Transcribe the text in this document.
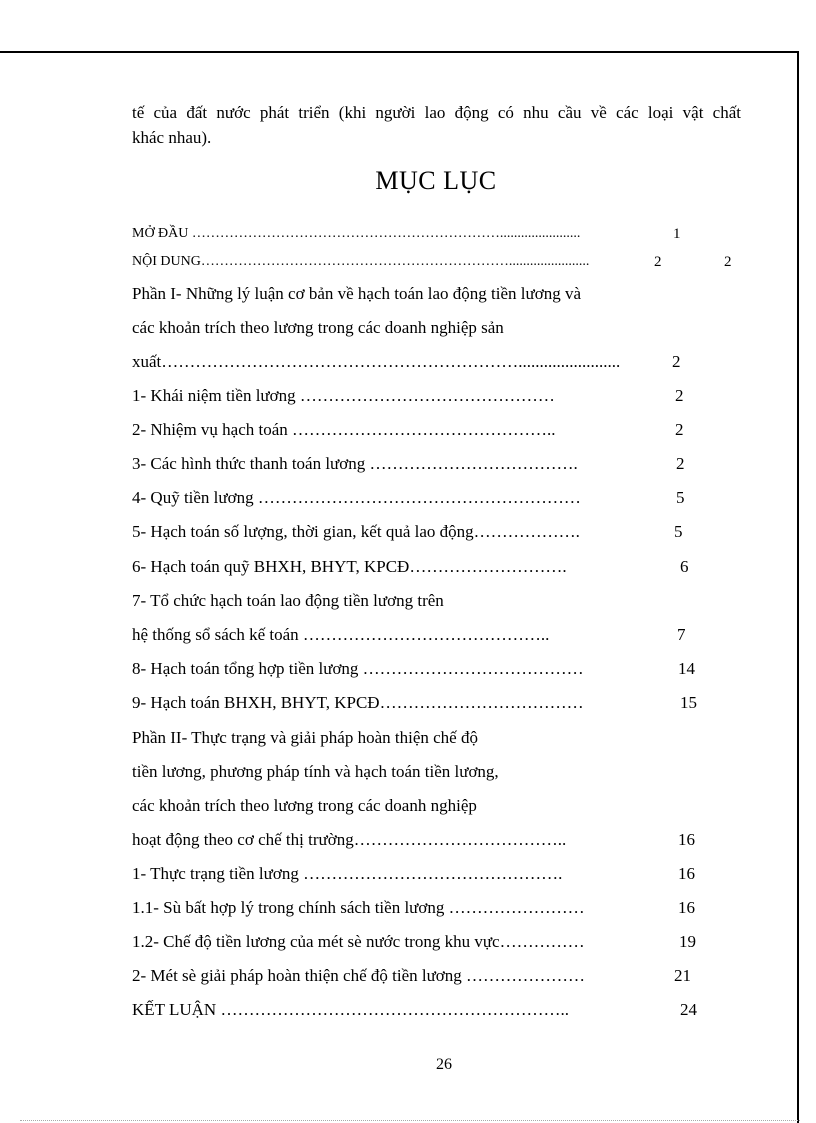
tế của đất nước phát triển (khi người lao động có nhu cầu về các loại vật chất
khác nhau).
MỤC LỤC
MỞ ĐẦU ………………………………………………………….......................	1
NỘI DUNG………………………………………………………….......................	2	2
Phần I- Những lý luận cơ bản về hạch toán lao động tiền lương và
các khoản trích theo lương trong các doanh nghiệp sản
xuất………………………………………………………........................	2
1- Khái niệm tiền lương ………………………………………	2
2- Nhiệm vụ hạch toán ………………………………………..	2
3- Các hình thức thanh toán lương ……………………………….	2
4- Quỹ tiền lương …………………………………………………	5
5- Hạch toán số lượng, thời gian, kết quả lao động……………….	5
6- Hạch toán quỹ BHXH, BHYT, KPCĐ……………………….	6
7- Tổ chức hạch toán lao động tiền lương trên
hệ thống sổ sách kế toán ……………………………………..	7
8- Hạch toán tổng hợp tiền lương …………………………………	14
9- Hạch toán BHXH, BHYT, KPCĐ………………………………	15
Phần II- Thực trạng và giải pháp hoàn thiện chế độ
tiền lương, phương pháp tính và hạch toán tiền lương,
các khoản trích theo lương trong các doanh nghiệp
hoạt động theo cơ chế thị trường………………………………..	16
1- Thực trạng tiền lương ……………………………………….	16
1.1- Sù bất hợp lý trong chính sách tiền lương ……………………	16
1.2- Chế độ tiền lương của mét sè nước trong khu vực……………	19
2- Mét sè giải pháp hoàn thiện chế độ tiền lương …………………	21
KẾT LUẬN ……………………………………………………..	24
26
